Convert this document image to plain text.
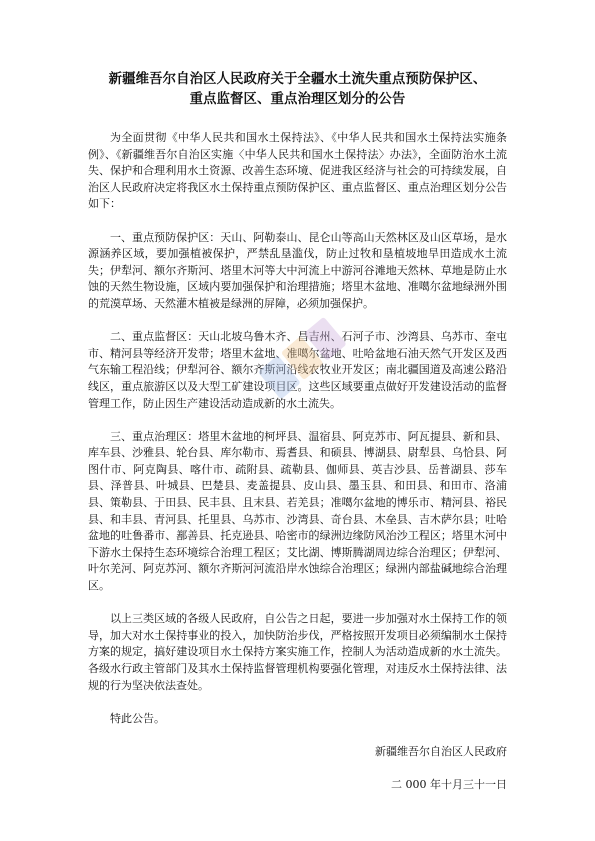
新疆维吾尔自治区人民政府关于全疆水土流失重点预防保护区、
重点监督区、重点治理区划分的公告

为全面贯彻《中华人民共和国水土保持法》、《中华人民共和国水土保持法实施条例》、《新疆维吾尔自治区实施〈中华人民共和国水土保持法〉办法》，全面防治水土流失、保护和合理利用水土资源、改善生态环境、促进我区经济与社会的可持续发展，自治区人民政府决定将我区水土保持重点预防保护区、重点监督区、重点治理区划分公告如下：

一、重点预防保护区：天山、阿勒泰山、昆仑山等高山天然林区及山区草场，是水源涵养区域，要加强植被保护，严禁乱垦滥伐，防止过牧和垦植坡地旱田造成水土流失；伊犁河、额尔齐斯河、塔里木河等大中河流上中游河谷滩地天然林、草地是防止水蚀的天然生物设施，区域内要加强保护和治理措施；塔里木盆地、准噶尔盆地绿洲外围的荒漠草场、天然灌木植被是绿洲的屏障，必须加强保护。

二、重点监督区：天山北坡乌鲁木齐、昌吉州、石河子市、沙湾县、乌苏市、奎屯市、精河县等经济开发带；塔里木盆地、准噶尔盆地、吐哈盆地石油天然气开发区及西气东输工程沿线；伊犁河谷、额尔齐斯河沿线农牧业开发区；南北疆国道及高速公路沿线区，重点旅游区以及大型工矿建设项目区。这些区域要重点做好开发建设活动的监督管理工作，防止因生产建设活动造成新的水土流失。

三、重点治理区：塔里木盆地的柯坪县、温宿县、阿克苏市、阿瓦提县、新和县、库车县、沙雅县、轮台县、库尔勒市、焉耆县、和硕县、博湖县、尉犁县、乌恰县、阿图什市、阿克陶县、喀什市、疏附县、疏勒县、伽师县、英吉沙县、岳普湖县、莎车县、泽普县、叶城县、巴楚县、麦盖提县、皮山县、墨玉县、和田县、和田市、洛浦县、策勒县、于田县、民丰县、且末县、若羌县；准噶尔盆地的博乐市、精河县、裕民县、和丰县、青河县、托里县、乌苏市、沙湾县、奇台县、木垒县、吉木萨尔县；吐哈盆地的吐鲁番市、鄯善县、托克逊县、哈密市的绿洲边缘防风治沙工程区；塔里木河中下游水土保持生态环境综合治理工程区；艾比湖、博斯腾湖周边综合治理区；伊犁河、叶尔羌河、阿克苏河、额尔齐斯河河流沿岸水蚀综合治理区；绿洲内部盐碱地综合治理区。

以上三类区域的各级人民政府，自公告之日起，要进一步加强对水土保持工作的领导，加大对水土保持事业的投入，加快防治步伐，严格按照开发项目必须编制水土保持方案的规定，搞好建设项目水土保持方案实施工作，控制人为活动造成新的水土流失。各级水行政主管部门及其水土保持监督管理机构要强化管理，对违反水土保持法律、法规的行为坚决依法查处。

特此公告。

新疆维吾尔自治区人民政府

二 000 年十月三十一日
